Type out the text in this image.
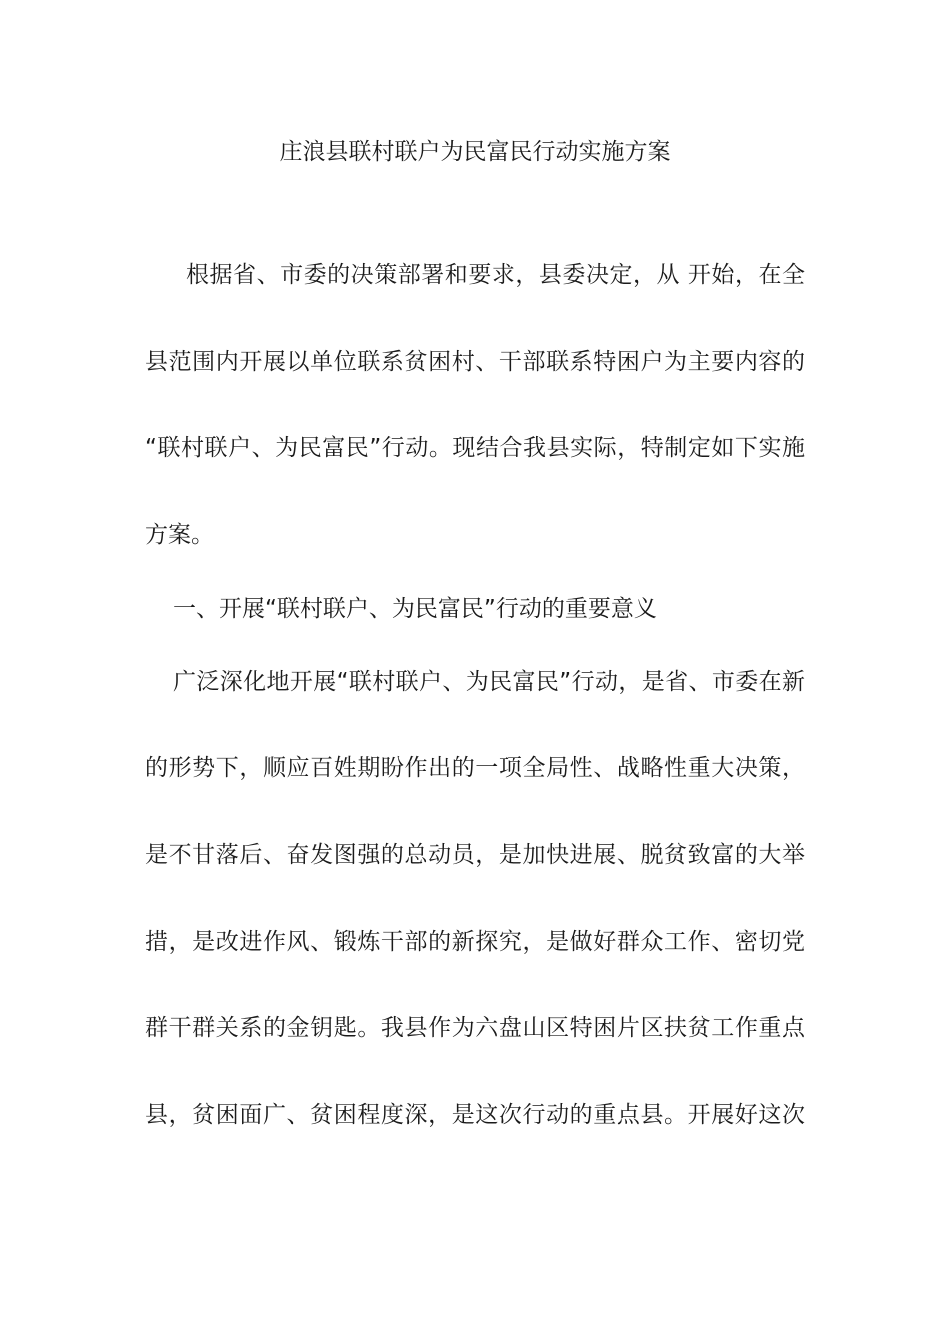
庄浪县联村联户为民富民行动实施方案
根据省、市委的决策部署和要求，县委决定，从 开始，在全
县范围内开展以单位联系贫困村、干部联系特困户为主要内容的
“联村联户、为民富民”行动。现结合我县实际，特制定如下实施
方案。
一、开展“联村联户、为民富民”行动的重要意义
广泛深化地开展“联村联户、为民富民”行动，是省、市委在新
的形势下，顺应百姓期盼作出的一项全局性、战略性重大决策，
是不甘落后、奋发图强的总动员，是加快进展、脱贫致富的大举
措，是改进作风、锻炼干部的新探究，是做好群众工作、密切党
群干群关系的金钥匙。我县作为六盘山区特困片区扶贫工作重点
县，贫困面广、贫困程度深，是这次行动的重点县。开展好这次
